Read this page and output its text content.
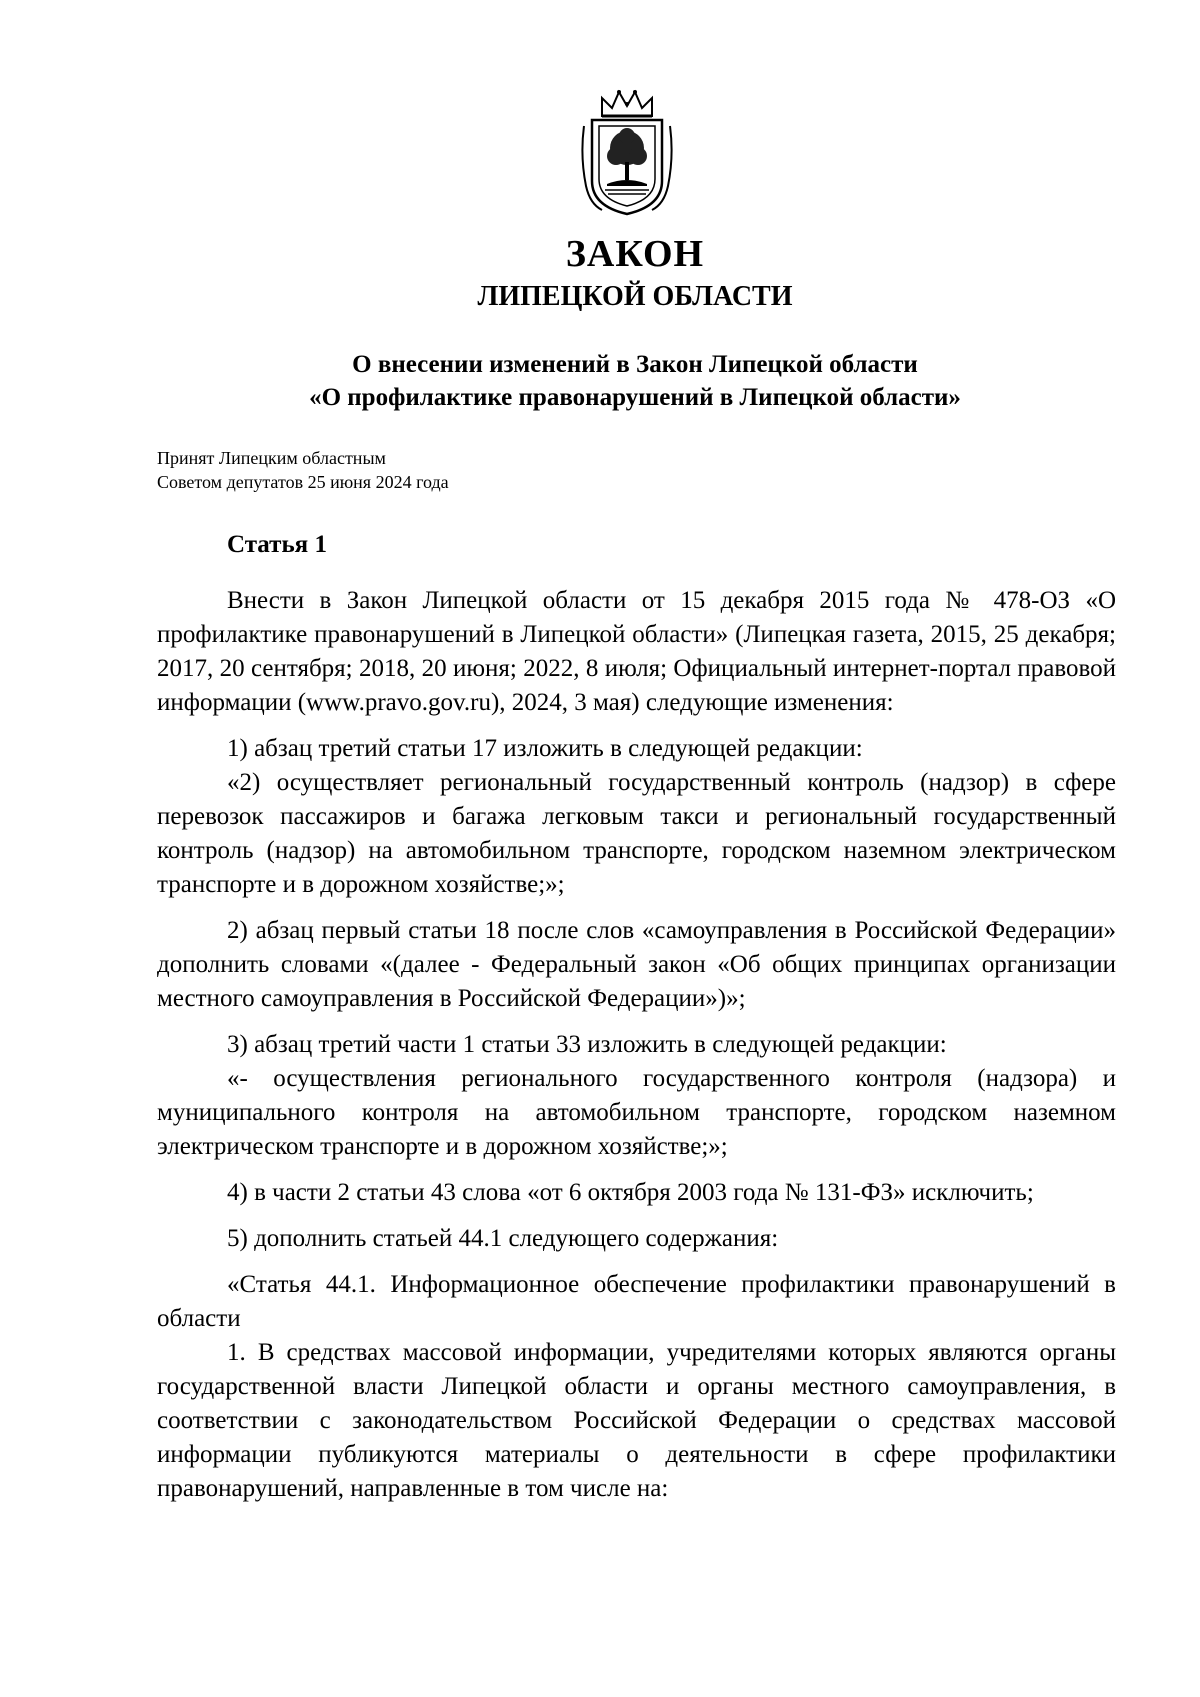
ЗАКОН
ЛИПЕЦКОЙ ОБЛАСТИ
О внесении изменений в Закон Липецкой области
«О профилактике правонарушений в Липецкой области»
Принят Липецким областным
Советом депутатов 25 июня 2024 года
Статья 1

Внести в Закон Липецкой области от 15 декабря 2015 года № 478-ОЗ «О профилактике правонарушений в Липецкой области» (Липецкая газета, 2015, 25 декабря; 2017, 20 сентября; 2018, 20 июня; 2022, 8 июля; Официальный интернет-портал правовой информации (www.pravo.gov.ru), 2024, 3 мая) следующие изменения:

1) абзац третий статьи 17 изложить в следующей редакции:

«2) осуществляет региональный государственный контроль (надзор) в сфере перевозок пассажиров и багажа легковым такси и региональный государственный контроль (надзор) на автомобильном транспорте, городском наземном электрическом транспорте и в дорожном хозяйстве;»;

2) абзац первый статьи 18 после слов «самоуправления в Российской Федерации» дополнить словами «(далее - Федеральный закон «Об общих принципах организации местного самоуправления в Российской Федерации»)»;

3) абзац третий части 1 статьи 33 изложить в следующей редакции:

«- осуществления регионального государственного контроля (надзора) и муниципального контроля на автомобильном транспорте, городском наземном электрическом транспорте и в дорожном хозяйстве;»;

4) в части 2 статьи 43 слова «от 6 октября 2003 года № 131-ФЗ» исключить;

5) дополнить статьей 44.1 следующего содержания:

«Статья 44.1. Информационное обеспечение профилактики правонарушений в области

1. В средствах массовой информации, учредителями которых являются органы государственной власти Липецкой области и органы местного самоуправления, в соответствии с законодательством Российской Федерации о средствах массовой информации публикуются материалы о деятельности в сфере профилактики правонарушений, направленные в том числе на:
